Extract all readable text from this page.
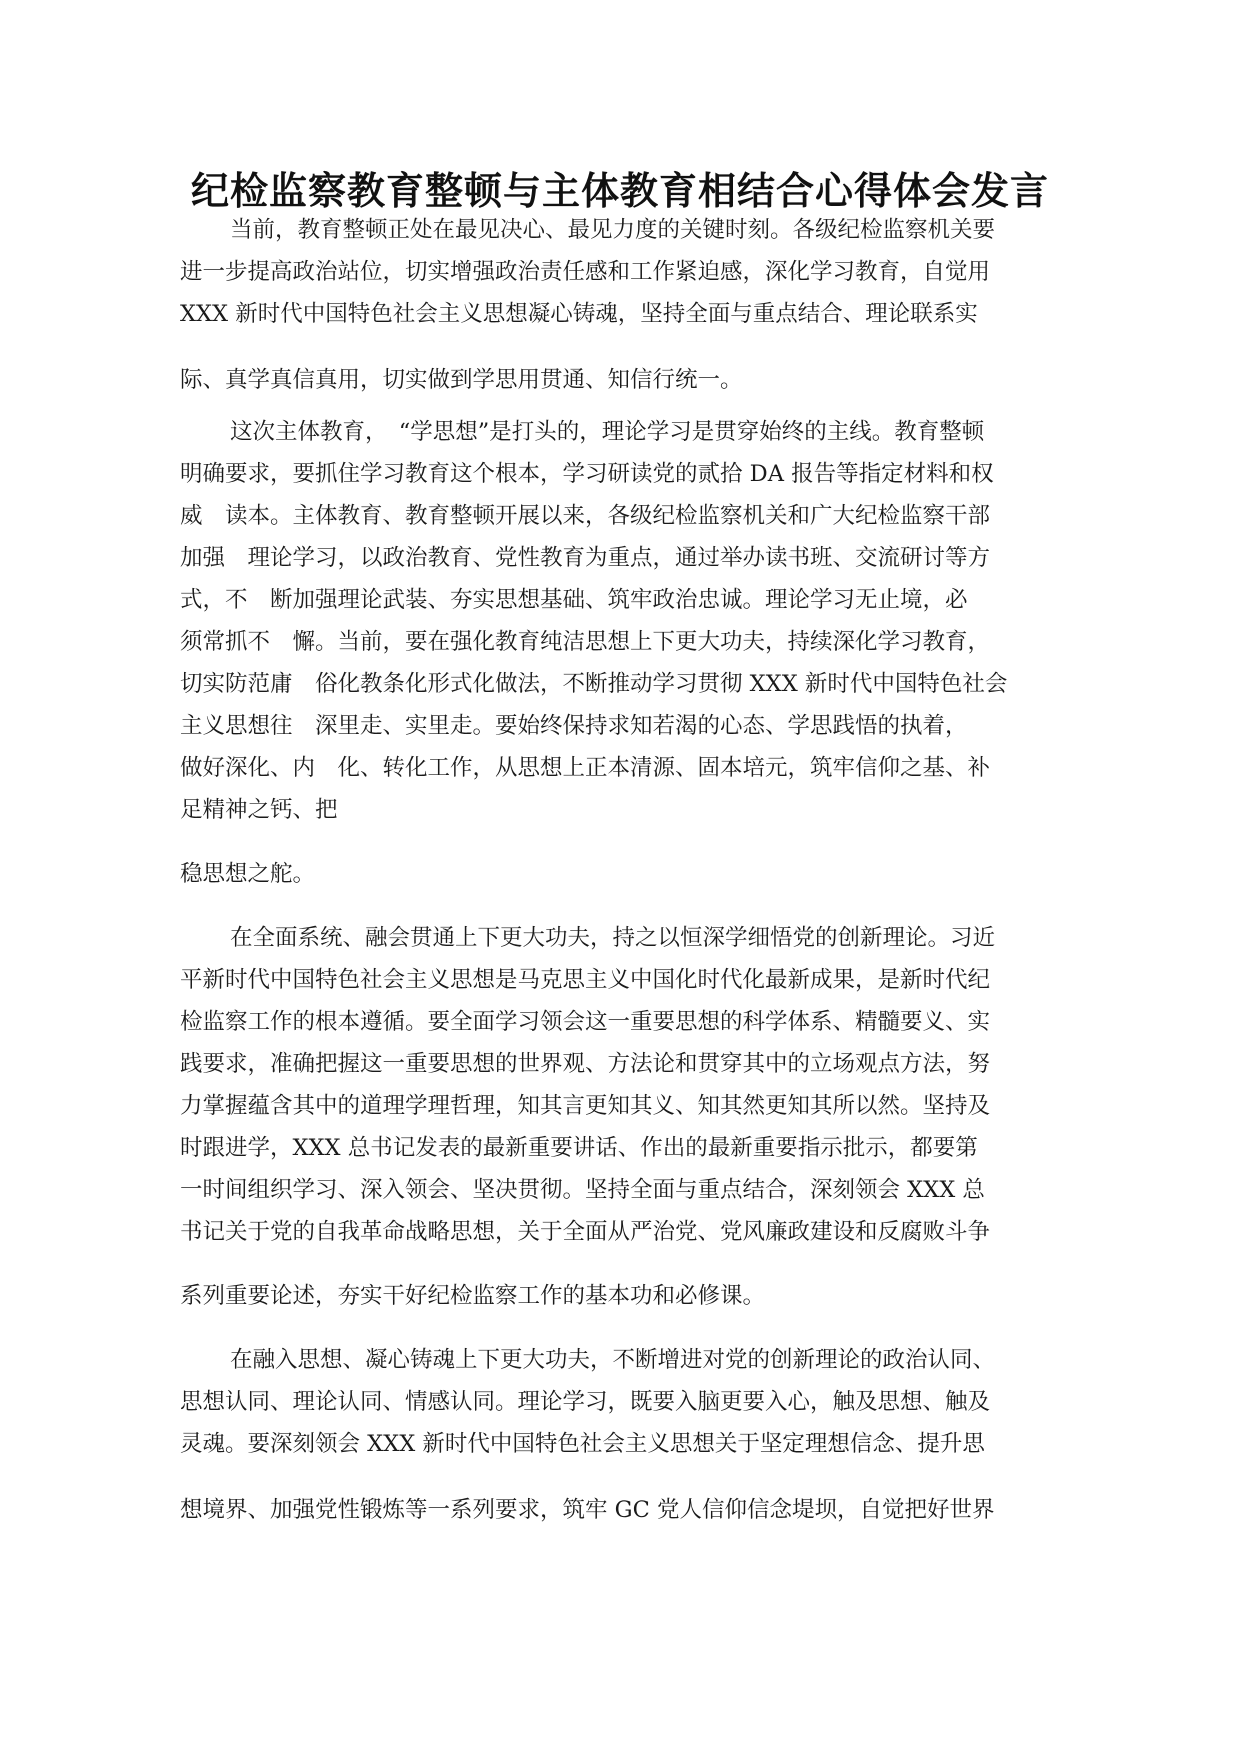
纪检监察教育整顿与主体教育相结合心得体会发言
当前，教育整顿正处在最见决心、最见力度的关键时刻。各级纪检监察机关要
进一步提高政治站位，切实增强政治责任感和工作紧迫感，深化学习教育，自觉用
XXX 新时代中国特色社会主义思想凝心铸魂，坚持全面与重点结合、理论联系实
际、真学真信真用，切实做到学思用贯通、知信行统一。
这次主体教育，　“学思想”是打头的，理论学习是贯穿始终的主线。教育整顿
明确要求，要抓住学习教育这个根本，学习研读党的贰拾 DA 报告等指定材料和权
威　读本。主体教育、教育整顿开展以来，各级纪检监察机关和广大纪检监察干部
加强　理论学习，以政治教育、党性教育为重点，通过举办读书班、交流研讨等方
式，不　断加强理论武装、夯实思想基础、筑牢政治忠诚。理论学习无止境，必
须常抓不　懈。当前，要在强化教育纯洁思想上下更大功夫，持续深化学习教育，
切实防范庸　俗化教条化形式化做法，不断推动学习贯彻 XXX 新时代中国特色社会
主义思想往　深里走、实里走。要始终保持求知若渴的心态、学思践悟的执着，
做好深化、内　化、转化工作，从思想上正本清源、固本培元，筑牢信仰之基、补
足精神之钙、把
稳思想之舵。
在全面系统、融会贯通上下更大功夫，持之以恒深学细悟党的创新理论。习近
平新时代中国特色社会主义思想是马克思主义中国化时代化最新成果，是新时代纪
检监察工作的根本遵循。要全面学习领会这一重要思想的科学体系、精髓要义、实
践要求，准确把握这一重要思想的世界观、方法论和贯穿其中的立场观点方法，努
力掌握蕴含其中的道理学理哲理，知其言更知其义、知其然更知其所以然。坚持及
时跟进学，XXX 总书记发表的最新重要讲话、作出的最新重要指示批示，都要第
一时间组织学习、深入领会、坚决贯彻。坚持全面与重点结合，深刻领会 XXX 总
书记关于党的自我革命战略思想，关于全面从严治党、党风廉政建设和反腐败斗争
系列重要论述，夯实干好纪检监察工作的基本功和必修课。
在融入思想、凝心铸魂上下更大功夫，不断增进对党的创新理论的政治认同、
思想认同、理论认同、情感认同。理论学习，既要入脑更要入心，触及思想、触及
灵魂。要深刻领会 XXX 新时代中国特色社会主义思想关于坚定理想信念、提升思
想境界、加强党性锻炼等一系列要求，筑牢 GC 党人信仰信念堤坝，自觉把好世界
